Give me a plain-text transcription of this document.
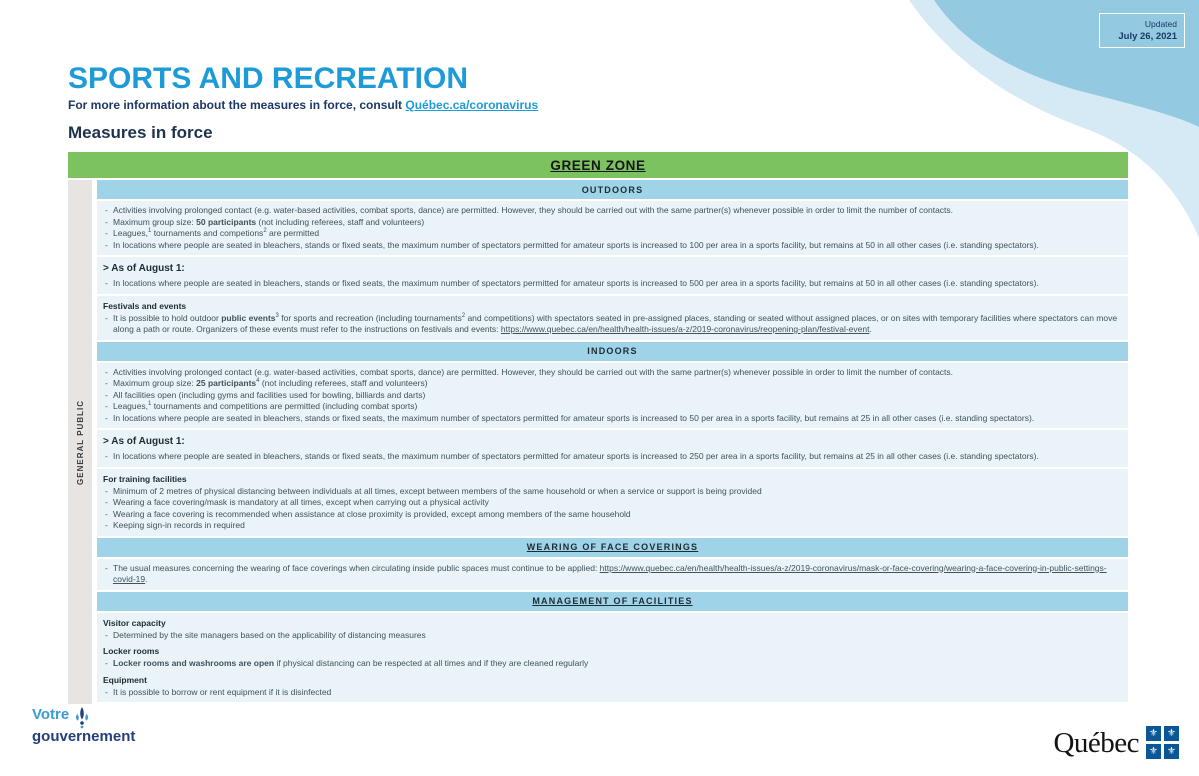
Updated
July 26, 2021
SPORTS AND RECREATION
For more information about the measures in force, consult Québec.ca/coronavirus
Measures in force
GREEN ZONE
GENERAL PUBLIC
OUTDOORS
- Activities involving prolonged contact (e.g. water-based activities, combat sports, dance) are permitted. However, they should be carried out with the same partner(s) whenever possible in order to limit the number of contacts.
- Maximum group size: 50 participants (not including referees, staff and volunteers)
- Leagues,$^1$ tournaments and competions$^2$ are permitted
- In locations where people are seated in bleachers, stands or fixed seats, the maximum number of spectators permitted for amateur sports is increased to 100 per area in a sports facility, but remains at 50 in all other cases (i.e. standing spectators).
> As of August 1:
- In locations where people are seated in bleachers, stands or fixed seats, the maximum number of spectators permitted for amateur sports is increased to 500 per area in a sports facility, but remains at 50 in all other cases (i.e. standing spectators).
Festivals and events
- It is possible to hold outdoor public events$^3$ for sports and recreation (including tournaments$^2$ and competitions) with spectators seated in pre-assigned places, standing or seated without assigned places, or on sites with temporary facilities where spectators can move along a path or route. Organizers of these events must refer to the instructions on festivals and events: https://www.quebec.ca/en/health/health-issues/a-z/2019-coronavirus/reopening-plan/festival-event.
INDOORS
- Activities involving prolonged contact (e.g. water-based activities, combat sports, dance) are permitted. However, they should be carried out with the same partner(s) whenever possible in order to limit the number of contacts.
- Maximum group size: 25 participants$^4$ (not including referees, staff and volunteers)
- All facilities open (including gyms and facilities used for bowling, billiards and darts)
- Leagues,$^1$ tournaments and competitions are permitted (including combat sports)
- In locations where people are seated in bleachers, stands or fixed seats, the maximum number of spectators permitted for amateur sports is increased to 50 per area in a sports facility, but remains at 25 in all other cases (i.e. standing spectators).
> As of August 1:
- In locations where people are seated in bleachers, stands or fixed seats, the maximum number of spectators permitted for amateur sports is increased to 250 per area in a sports facility, but remains at 25 in all other cases (i.e. standing spectators).
For training facilities
- Minimum of 2 metres of physical distancing between individuals at all times, except between members of the same household or when a service or support is being provided
- Wearing a face covering/mask is mandatory at all times, except when carrying out a physical activity
- Wearing a face covering is recommended when assistance at close proximity is provided, except among members of the same household
- Keeping sign-in records in required
WEARING OF FACE COVERINGS
- The usual measures concerning the wearing of face coverings when circulating inside public spaces must continue to be applied: https://www.quebec.ca/en/health/health-issues/a-z/2019-coronavirus/mask-or-face-covering/wearing-a-face-covering-in-public-settings-covid-19.
MANAGEMENT OF FACILITIES
Visitor capacity
- Determined by the site managers based on the applicability of distancing measures
Locker rooms
- Locker rooms and washrooms are open if physical distancing can be respected at all times and if they are cleaned regularly
Equipment
- It is possible to borrow or rent equipment if it is disinfected
Votre
gouvernement	Québec	⚜ ⚜
⚜ ⚜
